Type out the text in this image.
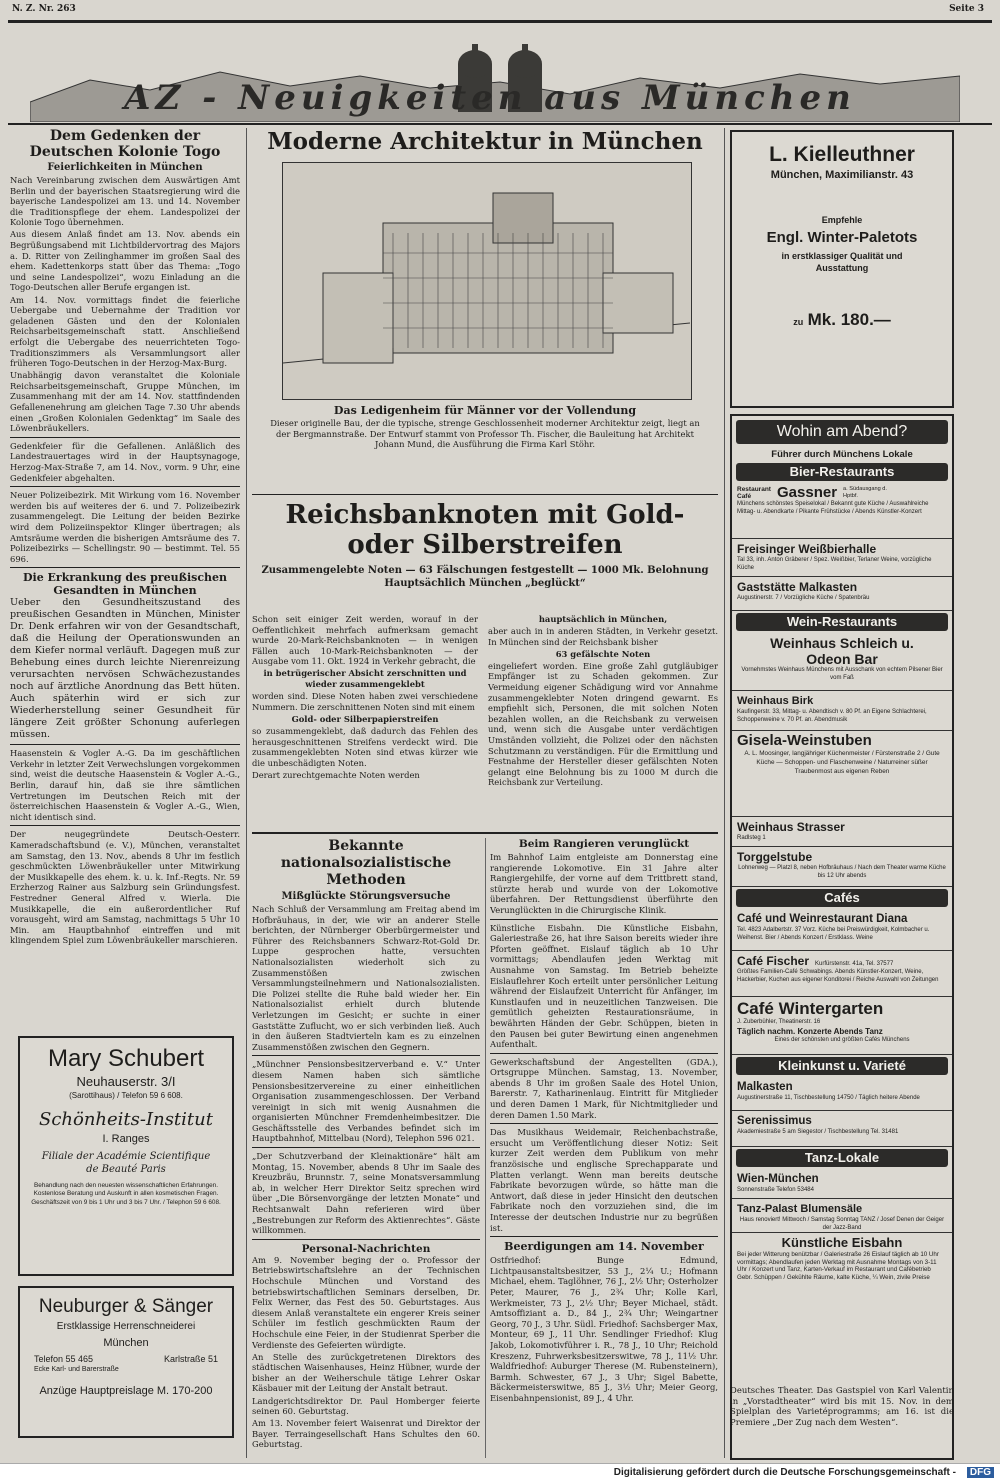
N. Z. Nr. 263	Seite 3
AZ - Neuigkeiten aus München
Dem Gedenken der Deutschen Kolonie Togo
Feierlichkeiten in München
Nach Vereinbarung zwischen dem Auswärtigen Amt Berlin und der bayerischen Staatsregierung wird die bayerische Landespolizei am 13. und 14. November die Traditionspflege der ehem. Landespolizei der Kolonie Togo übernehmen.
Aus diesem Anlaß findet am 13. Nov. abends ein Begrüßungsabend mit Lichtbildervortrag des Majors a. D. Ritter von Zeilinghammer im großen Saal des ehem. Kadettenkorps statt über das Thema: „Togo und seine Landespolizei“, wozu Einladung an die Togo-Deutschen aller Berufe ergangen ist.
Am 14. Nov. vormittags findet die feierliche Uebergabe und Uebernahme der Tradition vor geladenen Gästen und den der Kolonialen Reichsarbeitsgemeinschaft statt. Anschließend erfolgt die Uebergabe des neuerrichteten Togo-Traditionszimmers als Versammlungsort aller früheren Togo-Deutschen in der Herzog-Max-Burg.
Unabhängig davon veranstaltet die Koloniale Reichsarbeitsgemeinschaft, Gruppe München, im Zusammenhang mit der am 14. Nov. stattfindenden Gefallenenehrung am gleichen Tage 7.30 Uhr abends einen „Großen Kolonialen Gedenktag“ im Saale des Löwenbräukellers.
Gedenkfeier für die Gefallenen. Anläßlich des Landestrauertages wird in der Hauptsynagoge, Herzog-Max-Straße 7, am 14. Nov., vorm. 9 Uhr, eine Gedenkfeier abgehalten.
Neuer Polizeibezirk. Mit Wirkung vom 16. November werden bis auf weiteres der 6. und 7. Polizeibezirk zusammengelegt. Die Leitung der beiden Bezirke wird dem Polizeiinspektor Klinger übertragen; als Amtsräume werden die bisherigen Amtsräume des 7. Polizeibezirks — Schellingstr. 90 — bestimmt. Tel. 55 696.
Die Erkrankung des preußischen Gesandten in München
Ueber den Gesundheitszustand des preußischen Gesandten in München, Minister Dr. Denk erfahren wir von der Gesandtschaft, daß die Heilung der Operationswunden an dem Kiefer normal verläuft. Dagegen muß zur Behebung eines durch leichte Nierenreizung verursachten nervösen Schwächezustandes noch auf ärztliche Anordnung das Bett hüten. Auch späterhin wird er sich zur Wiederherstellung seiner Gesundheit für längere Zeit größter Schonung auferlegen müssen.
Haasenstein & Vogler A.-G. Da im geschäftlichen Verkehr in letzter Zeit Verwechslungen vorgekommen sind, weist die deutsche Haasenstein & Vogler A.-G., Berlin, darauf hin, daß sie ihre sämtlichen Vertretungen im Deutschen Reich mit der österreichischen Haasenstein & Vogler A.-G., Wien, nicht identisch sind.
Der neugegründete Deutsch-Oesterr. Kameradschaftsbund (e. V.), München, veranstaltet am Samstag, den 13. Nov., abends 8 Uhr im festlich geschmückten Löwenbräukeller unter Mitwirkung der Musikkapelle des ehem. k. u. k. Inf.-Regts. Nr. 59 Erzherzog Rainer aus Salzburg sein Gründungsfest. Festredner General Alfred v. Wierla. Die Musikkapelle, die ein außerordentlicher Ruf vorausgeht, wird am Samstag, nachmittags 5 Uhr 10 Min. am Hauptbahnhof eintreffen und mit klingendem Spiel zum Löwenbräukeller marschieren.
Mary Schubert
Neuhauserstr. 3/I
(Sarottihaus) / Telefon 59 6 608.
Schönheits-Institut
I. Ranges
Filiale der Académie Scientifique
de Beauté Paris
Behandlung nach den neuesten wissenschaftlichen Erfahrungen. Kostenlose Beratung und Auskunft in allen kosmetischen Fragen. Geschäftszeit von 9 bis 1 Uhr und 3 bis 7 Uhr. / Telephon 59 6 608.
Neuburger & Sänger
Erstklassige Herrenschneiderei
München
Telefon 55 465	Karlstraße 51
Ecke Karl- und Barerstraße
Anzüge Hauptpreislage M. 170-200
Moderne Architektur in München
Das Ledigenheim für Männer vor der Vollendung
Dieser originelle Bau, der die typische, strenge Geschlossenheit moderner Architektur zeigt, liegt an der Bergmannstraße. Der Entwurf stammt von Professor Th. Fischer, die Bauleitung hat Architekt Johann Mund, die Ausführung die Firma Karl Stöhr.
Reichsbanknoten mit Gold-
oder Silberstreifen
Zusammengelebte Noten — 63 Fälschungen festgestellt — 1000 Mk. Belohnung
Hauptsächlich München „beglückt“
Schon seit einiger Zeit werden, worauf in der Oeffentlichkeit mehrfach aufmerksam gemacht wurde 20-Mark-Reichsbanknoten — in wenigen Fällen auch 10-Mark-Reichsbanknoten — der Ausgabe vom 11. Okt. 1924 in Verkehr gebracht, die
in betrügerischer Absicht zerschnitten und wieder zusammengeklebt
worden sind. Diese Noten haben zwei verschiedene Nummern. Die zerschnittenen Noten sind mit einem
Gold- oder Silberpapierstreifen
so zusammengeklebt, daß dadurch das Fehlen des herausgeschnittenen Streifens verdeckt wird. Die zusammengeklebten Noten sind etwas kürzer wie die unbeschädigten Noten.
Derart zurechtgemachte Noten werden
hauptsächlich in München,
aber auch in in anderen Städten, in Verkehr gesetzt. In München sind der Reichsbank bisher
63 gefälschte Noten
eingeliefert worden. Eine große Zahl gutgläubiger Empfänger ist zu Schaden gekommen. Zur Vermeidung eigener Schädigung wird vor Annahme zusammengeklebter Noten dringend gewarnt. Es empfiehlt sich, Personen, die mit solchen Noten bezahlen wollen, an die Reichsbank zu verweisen und, wenn sich die Ausgabe unter verdächtigen Umständen vollzieht, die Polizei oder den nächsten Schutzmann zu verständigen. Für die Ermittlung und Festnahme der Hersteller dieser gefälschten Noten gelangt eine Belohnung bis zu 1000 M durch die Reichsbank zur Verteilung.
Bekannte nationalsozialistische Methoden
Mißglückte Störungsversuche
Nach Schluß der Versammlung am Freitag abend im Hofbräuhaus, in der, wie wir an anderer Stelle berichten, der Nürnberger Oberbürgermeister und Führer des Reichsbanners Schwarz-Rot-Gold Dr. Luppe gesprochen hatte, versuchten Nationalsozialisten wiederholt sich zu Zusammenstößen zwischen Versammlungsteilnehmern und Nationalsozialisten. Die Polizei stellte die Ruhe bald wieder her. Ein Nationalsozialist erhielt durch blutende Verletzungen im Gesicht; er suchte in einer Gaststätte Zuflucht, wo er sich verbinden ließ. Auch in den äußeren Stadtvierteln kam es zu einzelnen Zusammenstößen zwischen den Gegnern.
„Münchner Pensionsbesitzerverband e. V.“ Unter diesem Namen haben sich sämtliche Pensionsbesitzervereine zu einer einheitlichen Organisation zusammengeschlossen. Der Verband vereinigt in sich mit wenig Ausnahmen die organisierten Münchner Fremdenheimbesitzer. Die Geschäftsstelle des Verbandes befindet sich im Hauptbahnhof, Mittelbau (Nord), Telephon 596 021.
„Der Schutzverband der Kleinaktionäre“ hält am Montag, 15. November, abends 8 Uhr im Saale des Kreuzbräu, Brunnstr. 7, seine Monatsversammlung ab, in welcher Herr Direktor Seitz sprechen wird über „Die Börsenvorgänge der letzten Monate“ und Rechtsanwalt Dahn referieren wird über „Bestrebungen zur Reform des Aktienrechtes“. Gäste willkommen.
Personal-Nachrichten
Am 9. November beging der o. Professor der Betriebswirtschaftslehre an der Technischen Hochschule München und Vorstand des betriebswirtschaftlichen Seminars derselben, Dr. Felix Werner, das Fest des 50. Geburtstages. Aus diesem Anlaß veranstaltete ein engerer Kreis seiner Schüler im festlich geschmückten Raum der Hochschule eine Feier, in der Studienrat Sperber die Verdienste des Gefeierten würdigte.
An Stelle des zurückgetretenen Direktors des städtischen Waisenhauses, Heinz Hübner, wurde der bisher an der Weiherschule tätige Lehrer Oskar Käsbauer mit der Leitung der Anstalt betraut.
Landgerichtsdirektor Dr. Paul Homberger feierte seinen 60. Geburtstag.
Am 13. November feiert Waisenrat und Direktor der Bayer. Terraingesellschaft Hans Schultes den 60. Geburtstag.
Beim Rangieren verunglückt
Im Bahnhof Laim entgleiste am Donnerstag eine rangierende Lokomotive. Ein 31 Jahre alter Rangiergehilfe, der vorne auf dem Trittbrett stand, stürzte herab und wurde von der Lokomotive überfahren. Der Rettungsdienst überführte den Verunglückten in die Chirurgische Klinik.
Künstliche Eisbahn. Die Künstliche Eisbahn, Galeriestraße 26, hat ihre Saison bereits wieder ihre Pforten geöffnet. Eislauf täglich ab 10 Uhr vormittags; Abendlaufen jeden Werktag mit Ausnahme von Samstag. Im Betrieb beheizte Eislauflehrer Koch erteilt unter persönlicher Leitung während der Eislaufzeit Unterricht für Anfänger, im Kunstlaufen und in neuzeitlichen Tanzweisen. Die gemütlich geheizten Restaurationsräume, in bewährten Händen der Gebr. Schüppen, bieten in den Pausen bei guter Bewirtung einen angenehmen Aufenthalt.
Gewerkschaftsbund der Angestellten (GDA.), Ortsgruppe München. Samstag, 13. November, abends 8 Uhr im großen Saale des Hotel Union, Barerstr. 7, Katharinenlaug. Eintritt für Mitglieder und deren Damen 1 Mark, für Nichtmitglieder und deren Damen 1.50 Mark.
Das Musikhaus Weidemair, Reichenbachstraße, ersucht um Veröffentlichung dieser Notiz: Seit kurzer Zeit werden dem Publikum von mehr französische und englische Sprechapparate und Platten verlangt. Wenn man bereits deutsche Fabrikate bevorzugen würde, so hätte man die Antwort, daß diese in jeder Hinsicht den deutschen Fabrikate noch den vorzuziehen sind, die im Interesse der deutschen Industrie nur zu begrüßen ist.
Beerdigungen am 14. November
Ostfriedhof: Bunge Edmund, Lichtpausanstaltsbesitzer, 53 J., 2¼ U.; Hofmann Michael, ehem. Taglöhner, 76 J., 2½ Uhr; Osterholzer Peter, Maurer, 76 J., 2¾ Uhr; Kolle Karl, Werkmeister, 73 J., 2½ Uhr; Beyer Michael, städt. Amtsoffiziant a. D., 84 J., 2¾ Uhr; Weingartner Georg, 70 J., 3 Uhr. Südl. Friedhof: Sachsberger Max, Monteur, 69 J., 11 Uhr. Sendlinger Friedhof: Klug Jakob, Lokomotivführer i. R., 78 J., 10 Uhr; Reichold Kreszenz, Fuhrwerksbesitzerswitwe, 78 J., 11½ Uhr. Waldfriedhof: Auburger Therese (M. Rubensteinern), Barmh. Schwester, 67 J., 3 Uhr; Sigel Babette, Bäckermeisterswitwe, 85 J., 3½ Uhr; Meier Georg, Eisenbahnpensionist, 89 J., 4 Uhr.
L. Kielleuthner
München, Maximilianstr. 43
Empfehle
Engl. Winter-Paletots
in erstklassiger Qualität und
Ausstattung
zu Mk. 180.—
Wohin am Abend?
Führer durch Münchens Lokale
Bier-Restaurants
Restaurant Café	Gassner a. Südausgang d. Hptbf.
Münchens schönstes Speiselokal / Bekannt gute Küche / Auswahlreiche Mittag- u. Abendkarte / Pikante Frühstücke / Abends Künstler-Konzert
Freisinger Weißbierhalle
Tal 33, inh. Anton Gräberer / Spez. Weißbier, Terlaner Weine, vorzügliche Küche
Gaststätte Malkasten
Augustinerstr. 7 / Vorzügliche Küche / Spatenbräu
Wein-Restaurants
Weinhaus Schleich u.
Odeon Bar
Vornehmstes Weinhaus Münchens mit Ausschank von echtem Pilsener Bier vom Faß
Weinhaus Birk
Kaufingerstr. 33, Mittag- u. Abendtisch v. 80 Pf. an Eigene Schlachterei, Schoppenweine v. 70 Pf. an. Abendmusik
Gisela-Weinstuben
A. L. Moosinger, langjähriger Küchenmeister / Fürstenstraße 2 / Gute Küche — Schoppen- und Flaschenweine / Naturreiner süßer Traubenmost aus eigenen Reben
Weinhaus Strasser
Radlsteg 1
Torggelstube
Lohnerweg — Platzl 8, neben Hofbräuhaus / Nach dem Theater warme Küche bis 12 Uhr abends
Cafés
Café und Weinrestaurant Diana
Tel. 4823 Adalbertstr. 37 Vorz. Küche bei Preiswürdigkeit, Kolmbacher u. Weihenst. Bier / Abends Konzert / Erstklass. Weine
Café Fischer Kurfürstenstr. 41a, Tel. 37577
Größtes Familien-Café Schwabings. Abends Künstler-Konzert, Weine, Hackerbier, Kuchen aus eigener Konditorei / Reiche Auswahl von Zeitungen
Café Wintergarten
J. Zuberbühler, Theatinerstr. 16
Täglich nachm. Konzerte Abends Tanz
Eines der schönsten und größten Cafés Münchens
Kleinkunst u. Varieté
Malkasten
Augustinerstraße 11, Tischbestellung 14750 / Täglich heitere Abende
Serenissimus
Akademiestraße 5 am Siegestor / Tischbestellung Tel. 31481
Tanz-Lokale
Wien-München
Sonnenstraße Telefon 53484
Tanz-Palast Blumensäle
Haus renoviert! Mittwoch / Samstag Sonntag TANZ / Josef Denen der Geiger der Jazz-Band
Künstliche Eisbahn
Bei jeder Witterung benützbar / Galeriestraße 26 Eislauf täglich ab 10 Uhr vormittags; Abendlaufen jeden Werktag mit Ausnahme Montags von 3-11 Uhr / Konzert und Tanz, Karten-Verkauf im Restaurant und Cafébetrieb Gebr. Schüppen / Gekühlte Räume, kalte Küche, ¼ Wein, zivile Preise
Deutsches Theater. Das Gastspiel von Karl Valentin in „Vorstadtheater“ wird bis mit 15. Nov. in dem Spielplan des Varietéprogramms; am 16. ist die Premiere „Der Zug nach dem Westen“.
Digitalisierung gefördert durch die Deutsche Forschungsgemeinschaft -	DFG
